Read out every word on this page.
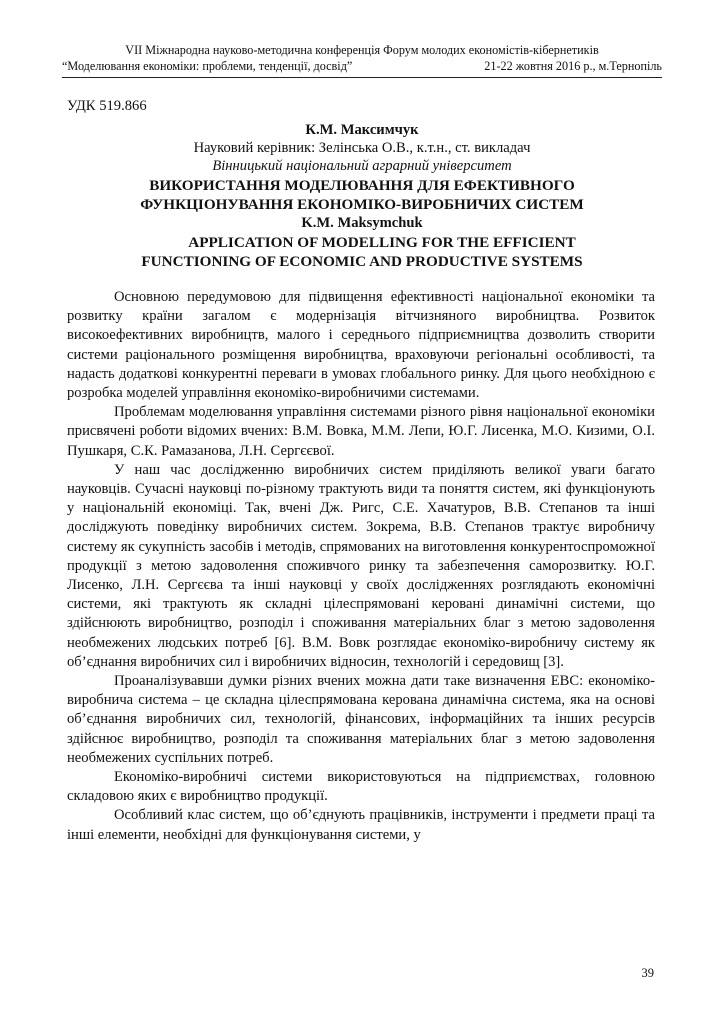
VII Міжнародна науково-методична конференція Форум молодих економістів-кібернетиків
“Моделювання економіки: проблеми, тенденції, досвід”	21-22 жовтня 2016 р., м.Тернопіль
УДК 519.866
К.М. Максимчук
Науковий керівник: Зелінська О.В., к.т.н., ст. викладач
Вінницький національний аграрний університет
ВИКОРИСТАННЯ МОДЕЛЮВАННЯ ДЛЯ ЕФЕКТИВНОГО
ФУНКЦІОНУВАННЯ ЕКОНОМІКО-ВИРОБНИЧИХ СИСТЕМ
K.M. Maksymchuk
APPLICATION OF MODELLING FOR THE EFFICIENT
FUNCTIONING OF ECONOMIC AND PRODUCTIVE SYSTEMS

Основною передумовою для підвищення ефективності національної економіки та розвитку країни загалом є модернізація вітчизняного виробництва. Розвиток високоефективних виробництв, малого і середнього підприємництва дозволить створити системи раціонального розміщення виробництва, враховуючи регіональні особливості, та надасть додаткові конкурентні переваги в умовах глобального ринку. Для цього необхідною є розробка моделей управління економіко-виробничими системами.

Проблемам моделювання управління системами різного рівня національної економіки присвячені роботи відомих вчених: В.М. Вовка, М.М. Лепи, Ю.Г. Лисенка, М.О. Кизими, О.І. Пушкаря, С.К. Рамазанова, Л.Н. Сергєєвої.

У наш час дослідженню виробничих систем приділяють великої уваги багато науковців. Сучасні науковці по-різному трактують види та поняття систем, які функціонують у національній економіці. Так, вчені Дж. Ригс, С.Е. Хачатуров, В.В. Степанов та інші досліджують поведінку виробничих систем. Зокрема, В.В. Степанов трактує виробничу систему як сукупність засобів і методів, спрямованих на виготовлення конкурентоспроможної продукції з метою задоволення споживчого ринку та забезпечення саморозвитку. Ю.Г. Лисенко, Л.Н. Сергєєва та інші науковці у своїх дослідженнях розглядають економічні системи, які трактують як складні цілеспрямовані керовані динамічні системи, що здійснюють виробництво, розподіл і споживання матеріальних благ з метою задоволення необмежених людських потреб [6]. В.М. Вовк розглядає економіко-виробничу систему як об’єднання виробничих сил і виробничих відносин, технологій і середовищ [3].

Проаналізувавши думки різних вчених можна дати таке визначення ЕВС: економіко-виробнича система – це складна цілеспрямована керована динамічна система, яка на основі об’єднання виробничих сил, технологій, фінансових, інформаційних та інших ресурсів здійснює виробництво, розподіл та споживання матеріальних благ з метою задоволення необмежених суспільних потреб.

Економіко-виробничі системи використовуються на підприємствах, головною складовою яких є виробництво продукції.

Особливий клас систем, що об’єднують працівників, інструменти і предмети праці та інші елементи, необхідні для функціонування системи, у

39
